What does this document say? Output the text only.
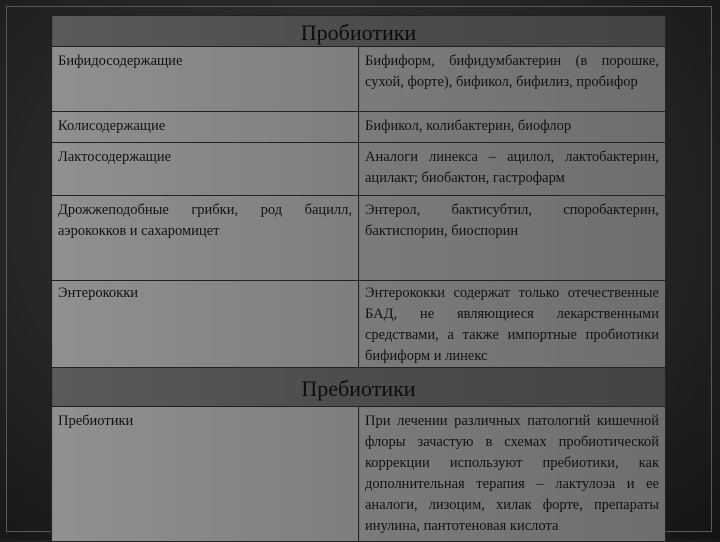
Пробиотики	
Бифидосодержащие	Бифиформ, бифидумбактерин (в порошке, сухой, форте), бификол, бифилиз, пробифор
Колисодержащие	Бификол, колибактерин, биофлор
Лактосодержащие	Аналоги линекса – ацилол, лактобактерин, ацилакт; биобактон, гастрофарм
Дрожжеподобные грибки, род бацилл, аэрококков и сахаромицет	Энтерол, бактисубтил, споробактерин, бактиспорин, биоспорин
Энтерококки	Энтерококки содержат только отечественные БАД, не являющиеся лекарственными средствами, а также импортные пробиотики бифиформ и линекс
Пребиотики	
Пребиотики	При лечении различных патологий кишечной флоры зачастую в схемах пробиотической коррекции используют пребиотики, как дополнительная терапия – лактулоза и ее аналоги, лизоцим, хилак форте, препараты инулина, пантотеновая кислота
